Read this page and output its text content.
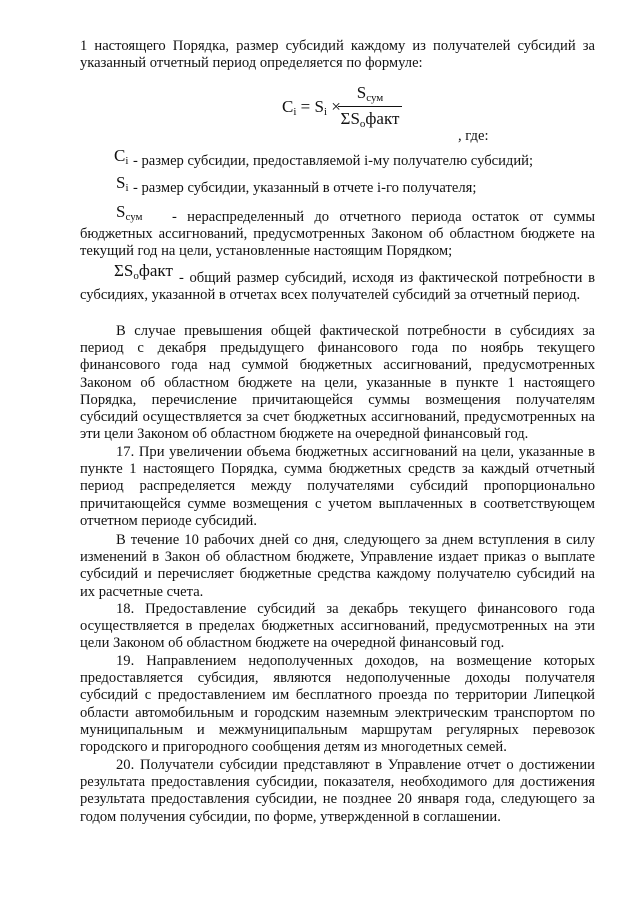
1 настоящего Порядка, размер субсидий каждому из получателей субсидий за указанный отчетный период определяется по формуле:

$C_i = S_i$ ×
$S_{сум}$
$\Sigma S_oфакт$
, где:
$C_i$ - размер субсидии, предоставляемой i-му получателю субсидий;

$S_i$ - размер субсидии, указанный в отчете i-го получателя;

$S_{сум}$	- нераспределенный до отчетного периода остаток от суммы бюджетных ассигнований, предусмотренных Законом об областном бюджете на текущий год на цели, установленные настоящим Порядком;

$\Sigma S_oфакт$ - общий размер субсидий, исходя из фактической потребности в субсидиях, указанной в отчетах всех получателей субсидий за отчетный период.

В случае превышения общей фактической потребности в субсидиях за период с декабря предыдущего финансового года по ноябрь текущего финансового года над суммой бюджетных ассигнований, предусмотренных Законом об областном бюджете на цели, указанные в пункте 1 настоящего Порядка, перечисление причитающейся суммы возмещения получателям субсидий осуществляется за счет бюджетных ассигнований, предусмотренных на эти цели Законом об областном бюджете на очередной финансовый год.

17. При увеличении объема бюджетных ассигнований на цели, указанные в пункте 1 настоящего Порядка, сумма бюджетных средств за каждый отчетный период распределяется между получателями субсидий пропорционально причитающейся сумме возмещения с учетом выплаченных в соответствующем отчетном периоде субсидий.

В течение 10 рабочих дней со дня, следующего за днем вступления в силу изменений в Закон об областном бюджете, Управление издает приказ о выплате субсидий и перечисляет бюджетные средства каждому получателю субсидий на их расчетные счета.

18. Предоставление субсидий за декабрь текущего финансового года осуществляется в пределах бюджетных ассигнований, предусмотренных на эти цели Законом об областном бюджете на очередной финансовый год.

19. Направлением недополученных доходов, на возмещение которых предоставляется субсидия, являются недополученные доходы получателя субсидий с предоставлением им бесплатного проезда по территории Липецкой области автомобильным и городским наземным электрическим транспортом по муниципальным и межмуниципальным маршрутам регулярных перевозок городского и пригородного сообщения детям из многодетных семей.

20. Получатели субсидии представляют в Управление отчет о достижении результата предоставления субсидии, показателя, необходимого для достижения результата предоставления субсидии, не позднее 20 января года, следующего за годом получения субсидии, по форме, утвержденной в соглашении.
